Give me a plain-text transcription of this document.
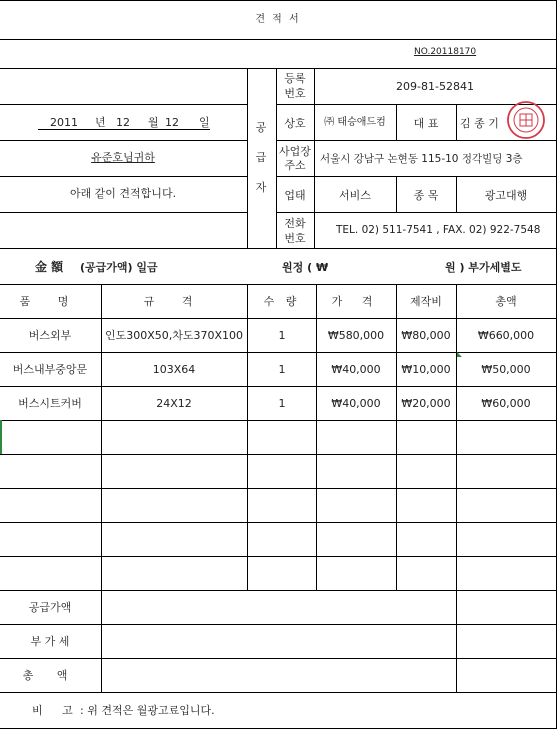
견 적 서
NO.20118170
2011 년 12 월 12 일
유준호님귀하
아래 같이 견적합니다.
공
급
자
등록
번호
209-81-52841
상호 ㈜ 태승애드컴	대 표 김 종 기
사업장
주소 서울시 강남구 논현동 115-10 정각빌딩 3층
업태	서비스	종 목	광고대행
전화
번호
TEL. 02) 511-7541 , FAX. 02) 922-7548
金 額 (공급가액) 일금	원정 ( ₩	원 ) 부가세별도
품 명	규 격	수 량	가 격	제작비	총액
버스외부	인도300X50,차도370X100	1	₩580,000 ₩80,000 ₩660,000
버스내부중앙문	103X64	1	₩40,000 ₩10,000	₩50,000
버스시트커버	24X12	1	₩40,000 ₩20,000	₩60,000
공급가액
부 가 세
총 액
비 고 : 위 견적은 월광고료입니다.
